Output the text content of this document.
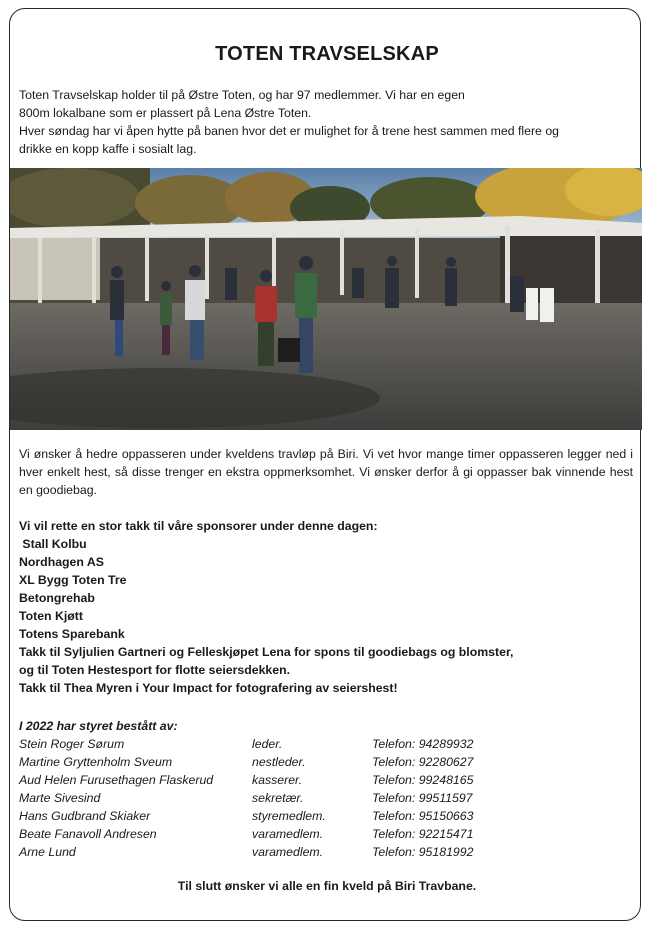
TOTEN TRAVSELSKAP

Toten Travselskap holder til på Østre Toten, og har 97 medlemmer. Vi har en egen

800m lokalbane som er plassert på Lena Østre Toten.

Hver søndag har vi åpen hytte på banen hvor det er mulighet for å trene hest sammen med flere og

drikke en kopp kaffe i sosialt lag.

Vi ønsker å hedre oppasseren under kveldens travløp på Biri. Vi vet hvor mange timer oppasseren legger ned i hver enkelt hest, så disse trenger en ekstra oppmerksomhet. Vi ønsker derfor å gi oppasser bak vinnende hest en goodiebag.

Vi vil rette en stor takk til våre sponsorer under denne dagen:
Stall Kolbu
Nordhagen AS
XL Bygg Toten Tre
Betongrehab
Toten Kjøtt
Totens Sparebank
Takk til Syljulien Gartneri og Felleskjøpet Lena for spons til goodiebags og blomster,
og til Toten Hestesport for flotte seiersdekken.
Takk til Thea Myren i Your Impact for fotografering av seiershest!
I 2022 har styret bestått av:
Stein Roger Sørum	leder.	Telefon: 94289932
Martine Gryttenholm Sveum	nestleder.	Telefon: 92280627
Aud Helen Furusethagen Flaskerud	kasserer.	Telefon: 99248165
Marte Sivesind	sekretær.	Telefon: 99511597
Hans Gudbrand Skiaker	styremedlem.	Telefon: 95150663
Beate Fanavoll Andresen	varamedlem.	Telefon: 92215471
Arne Lund	varamedlem.	Telefon: 95181992

Til slutt ønsker vi alle en fin kveld på Biri Travbane.
